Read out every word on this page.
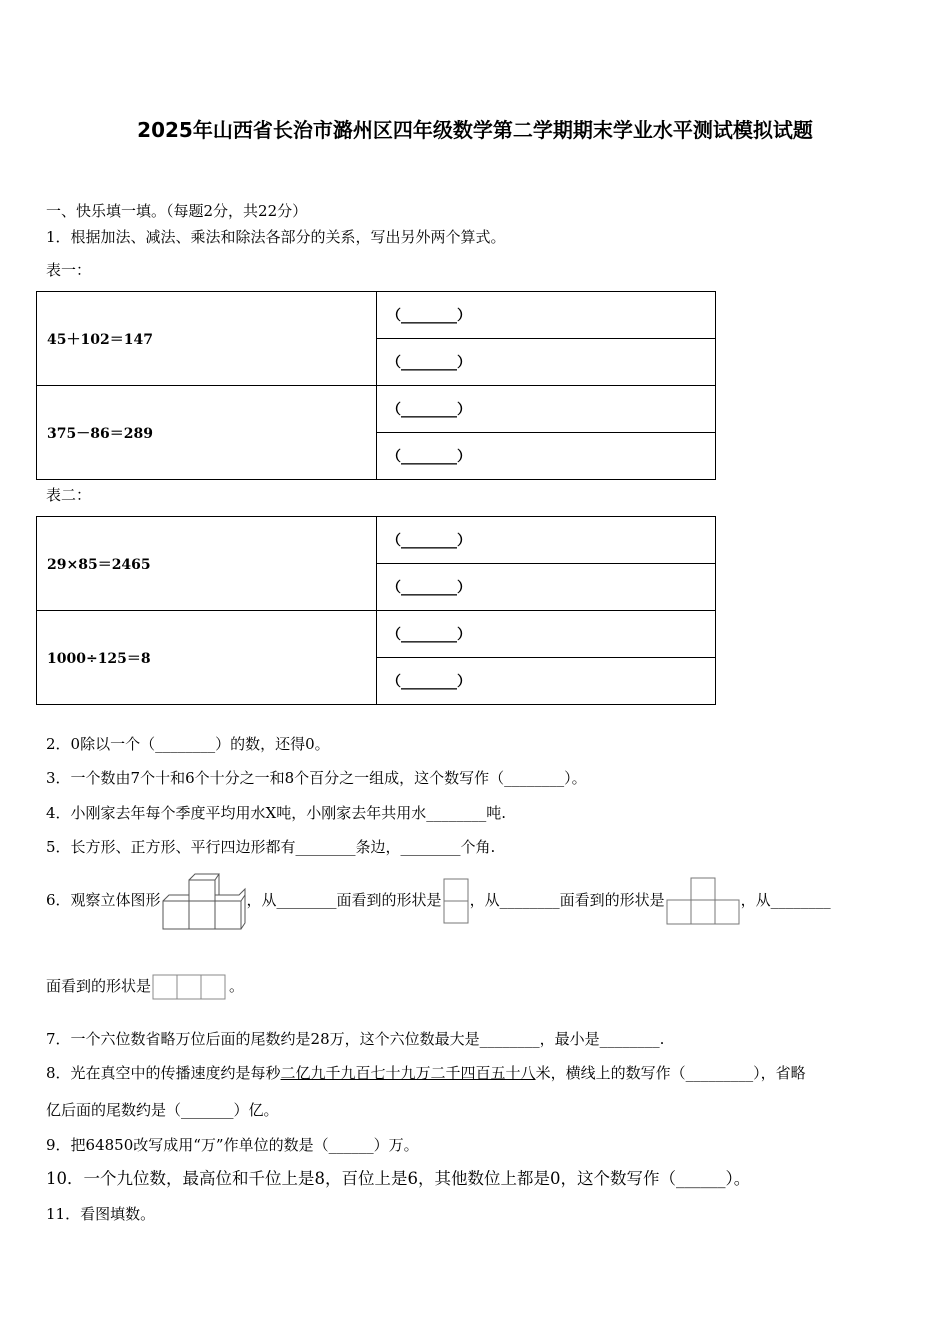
2025年山西省长治市潞州区四年级数学第二学期期末学业水平测试模拟试题
一、快乐填一填。（每题2分，共22分）
1．根据加法、减法、乘法和除法各部分的关系，写出另外两个算式。
表一：
45＋102＝147	（________）
	（________）
375－86＝289	（________）
	（________）
表二：
29×85＝2465	（________）
	（________）
1000÷125＝8	（________）
	（________）
2．0除以一个（________）的数，还得0。
3．一个数由7个十和6个十分之一和8个百分之一组成，这个数写作（________）。
4．小刚家去年每个季度平均用水X吨，小刚家去年共用水________吨.
5．长方形、正方形、平行四边形都有________条边，________个角.
6．观察立体图形	，从________面看到的形状是 ，从________面看到的形状是	，从________
面看到的形状是	。
7．一个六位数省略万位后面的尾数约是28万，这个六位数最大是________，最小是________.
8．光在真空中的传播速度约是每秒二亿九千九百七十九万二千四百五十八米，横线上的数写作（_________），省略
亿后面的尾数约是（_______）亿。
9．把64850改写成用“万”作单位的数是（______）万。
10．一个九位数，最高位和千位上是8，百位上是6，其他数位上都是0，这个数写作（______）。
11．看图填数。
